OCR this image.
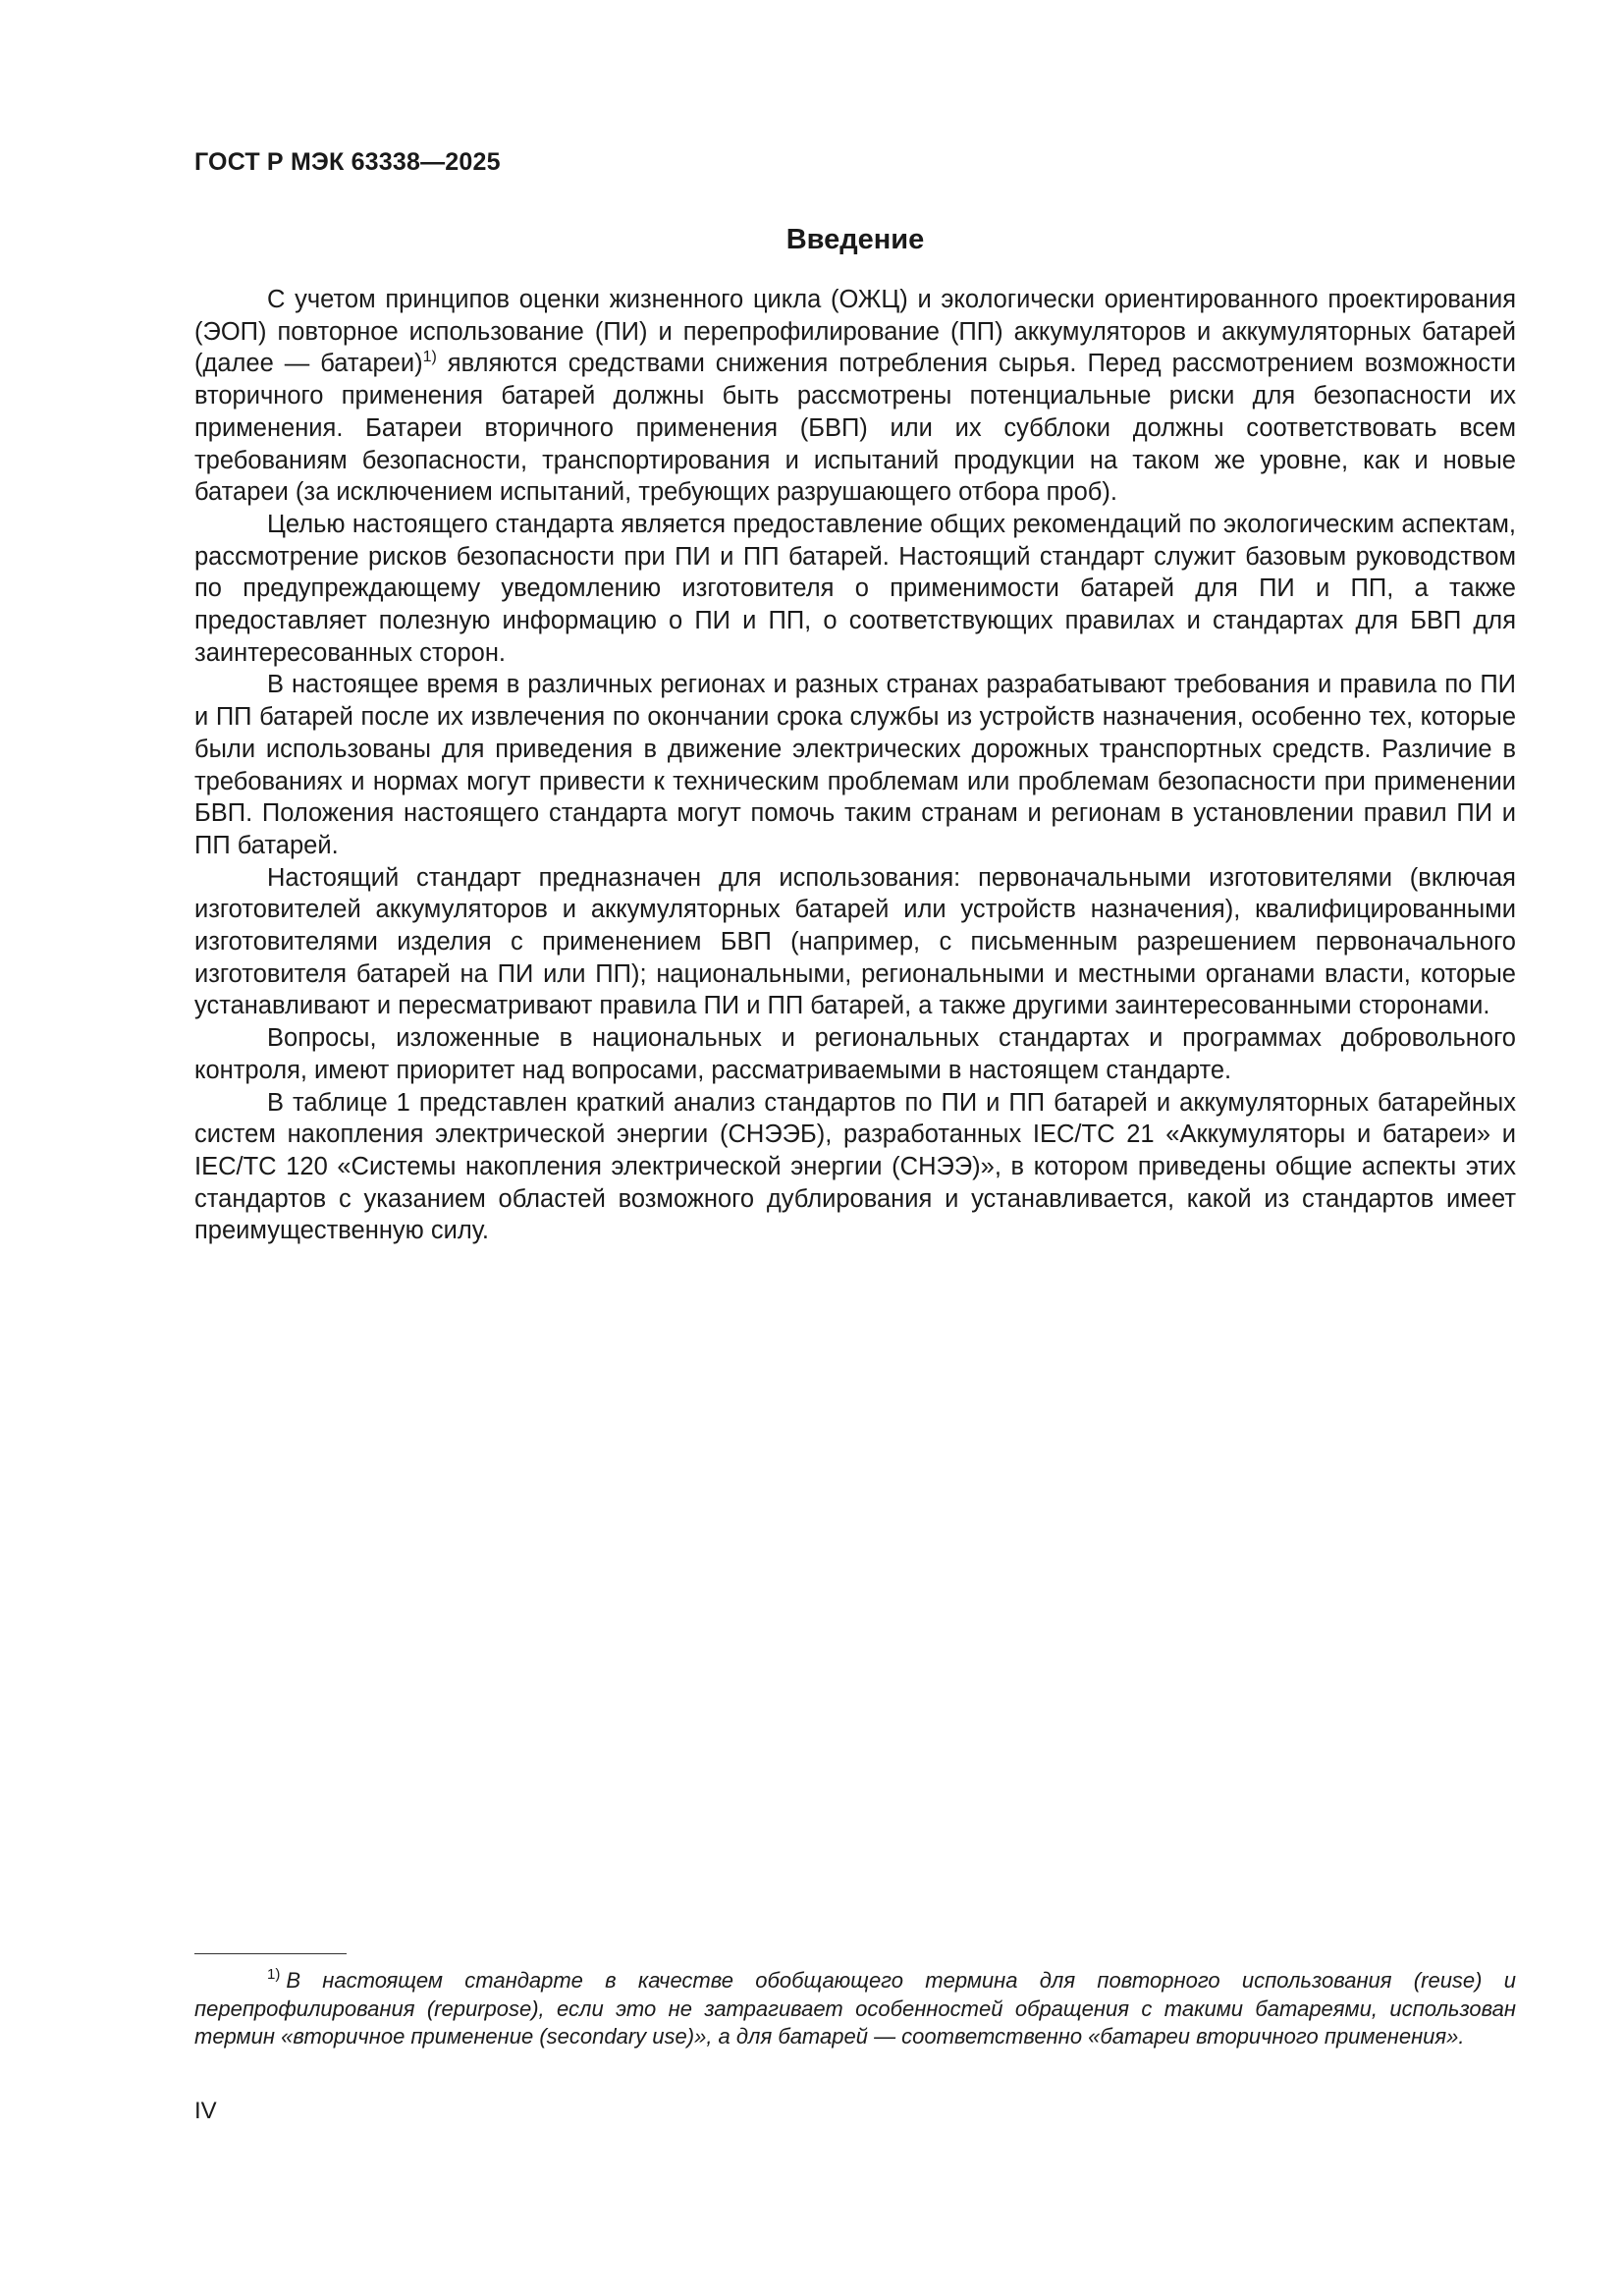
ГОСТ Р МЭК 63338—2025
Введение

С учетом принципов оценки жизненного цикла (ОЖЦ) и экологически ориентированного проектирования (ЭОП) повторное использование (ПИ) и перепрофилирование (ПП) аккумуляторов и аккумуляторных батарей (далее — батареи)$^{1)}$ являются средствами снижения потребления сырья. Перед рассмотрением возможности вторичного применения батарей должны быть рассмотрены потенциальные риски для безопасности их применения. Батареи вторичного применения (БВП) или их субблоки должны соответствовать всем требованиям безопасности, транспортирования и испытаний продукции на таком же уровне, как и новые батареи (за исключением испытаний, требующих разрушающего отбора проб).

Целью настоящего стандарта является предоставление общих рекомендаций по экологическим аспектам, рассмотрение рисков безопасности при ПИ и ПП батарей. Настоящий стандарт служит базовым руководством по предупреждающему уведомлению изготовителя о применимости батарей для ПИ и ПП, а также предоставляет полезную информацию о ПИ и ПП, о соответствующих правилах и стандартах для БВП для заинтересованных сторон.

В настоящее время в различных регионах и разных странах разрабатывают требования и правила по ПИ и ПП батарей после их извлечения по окончании срока службы из устройств назначения, особенно тех, которые были использованы для приведения в движение электрических дорожных транспортных средств. Различие в требованиях и нормах могут привести к техническим проблемам или проблемам безопасности при применении БВП. Положения настоящего стандарта могут помочь таким странам и регионам в установлении правил ПИ и ПП батарей.

Настоящий стандарт предназначен для использования: первоначальными изготовителями (включая изготовителей аккумуляторов и аккумуляторных батарей или устройств назначения), квалифицированными изготовителями изделия с применением БВП (например, с письменным разрешением первоначального изготовителя батарей на ПИ или ПП); национальными, региональными и местными органами власти, которые устанавливают и пересматривают правила ПИ и ПП батарей, а также другими заинтересованными сторонами.

Вопросы, изложенные в национальных и региональных стандартах и программах добровольного контроля, имеют приоритет над вопросами, рассматриваемыми в настоящем стандарте.

В таблице 1 представлен краткий анализ стандартов по ПИ и ПП батарей и аккумуляторных батарейных систем накопления электрической энергии (СНЭЭБ), разработанных IEC/TC 21 «Аккумуляторы и батареи» и IEC/TC 120 «Системы накопления электрической энергии (СНЭЭ)», в котором приведены общие аспекты этих стандартов с указанием областей возможного дублирования и устанавливается, какой из стандартов имеет преимущественную силу.

$^{1)}$ В настоящем стандарте в качестве обобщающего термина для повторного использования (reuse) и перепрофилирования (repurpose), если это не затрагивает особенностей обращения с такими батареями, использован термин «вторичное применение (secondary use)», а для батарей — соответственно «батареи вторичного применения».

IV
